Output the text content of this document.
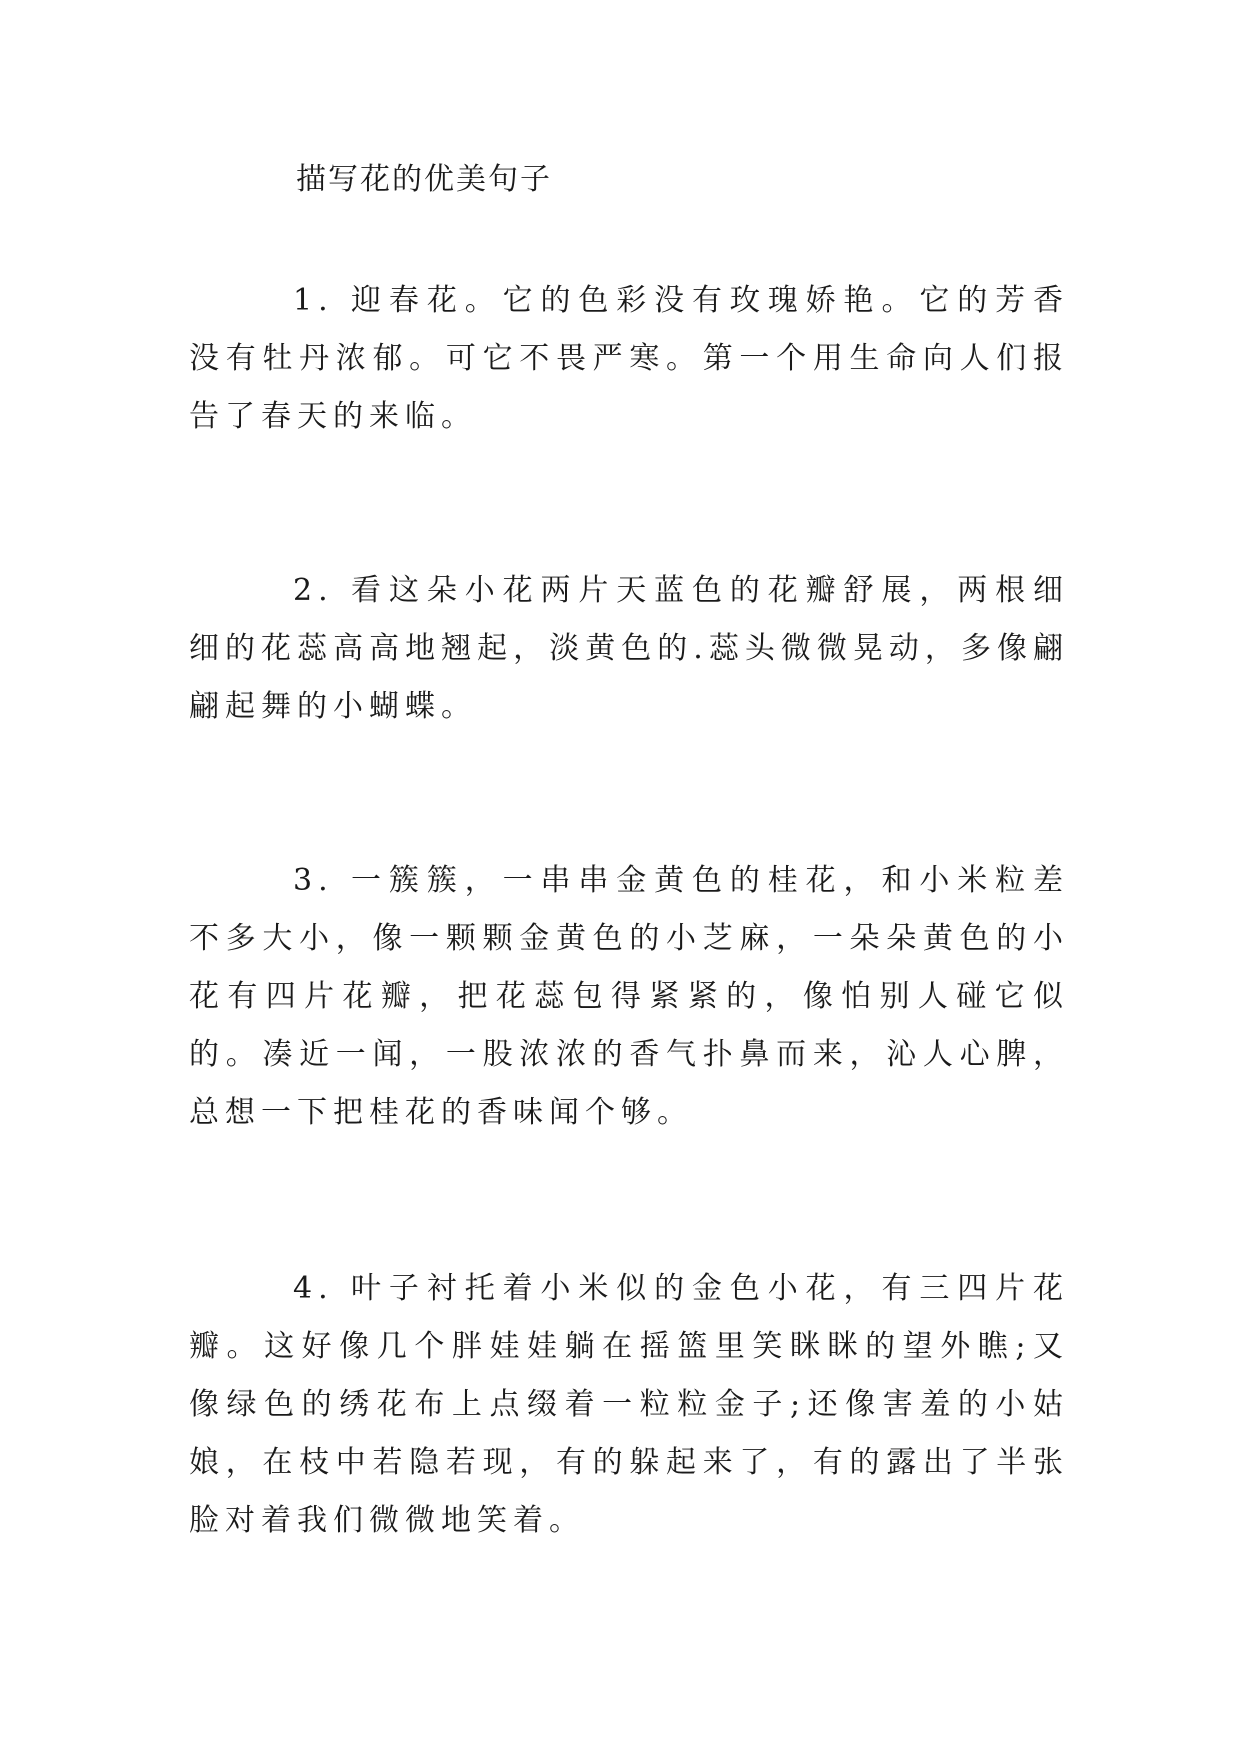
描写花的优美句子

1. 迎春花。它的色彩没有玫瑰娇艳。它的芳香没有牡丹浓郁。可它不畏严寒。第一个用生命向人们报告了春天的来临。

2. 看这朵小花两片天蓝色的花瓣舒展，两根细细的花蕊高高地翘起，淡黄色的.蕊头微微晃动，多像翩翩起舞的小蝴蝶。

3. 一簇簇，一串串金黄色的桂花，和小米粒差不多大小，像一颗颗金黄色的小芝麻，一朵朵黄色的小花有四片花瓣，把花蕊包得紧紧的，像怕别人碰它似的。凑近一闻，一股浓浓的香气扑鼻而来，沁人心脾，总想一下把桂花的香味闻个够。

4. 叶子衬托着小米似的金色小花，有三四片花瓣。这好像几个胖娃娃躺在摇篮里笑眯眯的望外瞧;又像绿色的绣花布上点缀着一粒粒金子;还像害羞的小姑娘，在枝中若隐若现，有的躲起来了，有的露出了半张脸对着我们微微地笑着。
